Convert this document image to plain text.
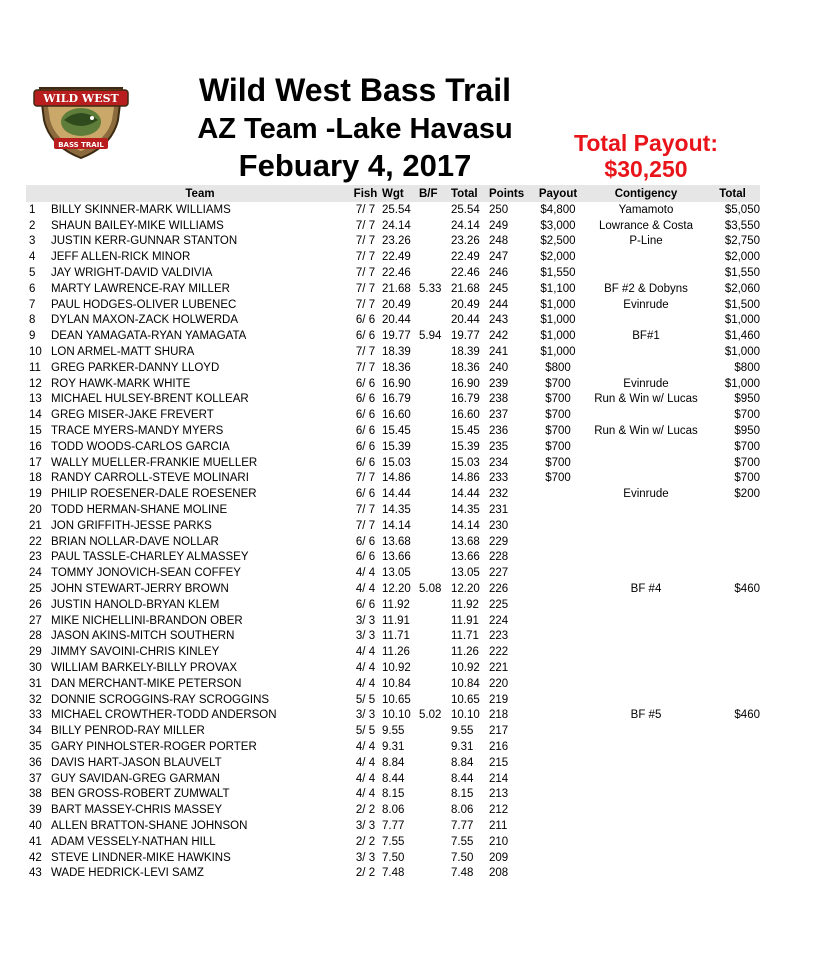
WILD WEST
BASS TRAIL
Wild West Bass Trail
AZ Team -Lake Havasu
Febuary 4, 2017
Total Payout:
$30,250
	Team	Fish	Wgt	B/F	Total	Points	Payout	Contigency	Total
1	BILLY SKINNER-MARK WILLIAMS	7/ 7	25.54		25.54	250	$4,800	Yamamoto	$5,050
2	SHAUN BAILEY-MIKE WILLIAMS	7/ 7	24.14		24.14	249	$3,000	Lowrance & Costa	$3,550
3	JUSTIN KERR-GUNNAR STANTON	7/ 7	23.26		23.26	248	$2,500	P-Line	$2,750
4	JEFF ALLEN-RICK MINOR	7/ 7	22.49		22.49	247	$2,000		$2,000
5	JAY WRIGHT-DAVID VALDIVIA	7/ 7	22.46		22.46	246	$1,550		$1,550
6	MARTY LAWRENCE-RAY MILLER	7/ 7	21.68	5.33	21.68	245	$1,100	BF #2 & Dobyns	$2,060
7	PAUL HODGES-OLIVER LUBENEC	7/ 7	20.49		20.49	244	$1,000	Evinrude	$1,500
8	DYLAN MAXON-ZACK HOLWERDA	6/ 6	20.44		20.44	243	$1,000		$1,000
9	DEAN YAMAGATA-RYAN YAMAGATA	6/ 6	19.77	5.94	19.77	242	$1,000	BF#1	$1,460
10	LON ARMEL-MATT SHURA	7/ 7	18.39		18.39	241	$1,000		$1,000
11	GREG PARKER-DANNY LLOYD	7/ 7	18.36		18.36	240	$800		$800
12	ROY HAWK-MARK WHITE	6/ 6	16.90		16.90	239	$700	Evinrude	$1,000
13	MICHAEL HULSEY-BRENT KOLLEAR	6/ 6	16.79		16.79	238	$700	Run & Win w/ Lucas	$950
14	GREG MISER-JAKE FREVERT	6/ 6	16.60		16.60	237	$700		$700
15	TRACE MYERS-MANDY MYERS	6/ 6	15.45		15.45	236	$700	Run & Win w/ Lucas	$950
16	TODD WOODS-CARLOS GARCIA	6/ 6	15.39		15.39	235	$700		$700
17	WALLY MUELLER-FRANKIE MUELLER	6/ 6	15.03		15.03	234	$700		$700
18	RANDY CARROLL-STEVE MOLINARI	7/ 7	14.86		14.86	233	$700		$700
19	PHILIP ROESENER-DALE ROESENER	6/ 6	14.44		14.44	232		Evinrude	$200
20	TODD HERMAN-SHANE MOLINE	7/ 7	14.35		14.35	231			
21	JON GRIFFITH-JESSE PARKS	7/ 7	14.14		14.14	230			
22	BRIAN NOLLAR-DAVE NOLLAR	6/ 6	13.68		13.68	229			
23	PAUL TASSLE-CHARLEY ALMASSEY	6/ 6	13.66		13.66	228			
24	TOMMY JONOVICH-SEAN COFFEY	4/ 4	13.05		13.05	227			
25	JOHN STEWART-JERRY BROWN	4/ 4	12.20	5.08	12.20	226		BF #4	$460
26	JUSTIN HANOLD-BRYAN KLEM	6/ 6	11.92		11.92	225			
27	MIKE NICHELLINI-BRANDON OBER	3/ 3	11.91		11.91	224			
28	JASON AKINS-MITCH SOUTHERN	3/ 3	11.71		11.71	223			
29	JIMMY SAVOINI-CHRIS KINLEY	4/ 4	11.26		11.26	222			
30	WILLIAM BARKELY-BILLY PROVAX	4/ 4	10.92		10.92	221			
31	DAN MERCHANT-MIKE PETERSON	4/ 4	10.84		10.84	220			
32	DONNIE SCROGGINS-RAY SCROGGINS	5/ 5	10.65		10.65	219			
33	MICHAEL CROWTHER-TODD ANDERSON	3/ 3	10.10	5.02	10.10	218		BF #5	$460
34	BILLY PENROD-RAY MILLER	5/ 5	9.55		9.55	217			
35	GARY PINHOLSTER-ROGER PORTER	4/ 4	9.31		9.31	216			
36	DAVIS HART-JASON BLAUVELT	4/ 4	8.84		8.84	215			
37	GUY SAVIDAN-GREG GARMAN	4/ 4	8.44		8.44	214			
38	BEN GROSS-ROBERT ZUMWALT	4/ 4	8.15		8.15	213			
39	BART MASSEY-CHRIS MASSEY	2/ 2	8.06		8.06	212			
40	ALLEN BRATTON-SHANE JOHNSON	3/ 3	7.77		7.77	211			
41	ADAM VESSELY-NATHAN HILL	2/ 2	7.55		7.55	210			
42	STEVE LINDNER-MIKE HAWKINS	3/ 3	7.50		7.50	209			
43	WADE HEDRICK-LEVI SAMZ	2/ 2	7.48		7.48	208			
